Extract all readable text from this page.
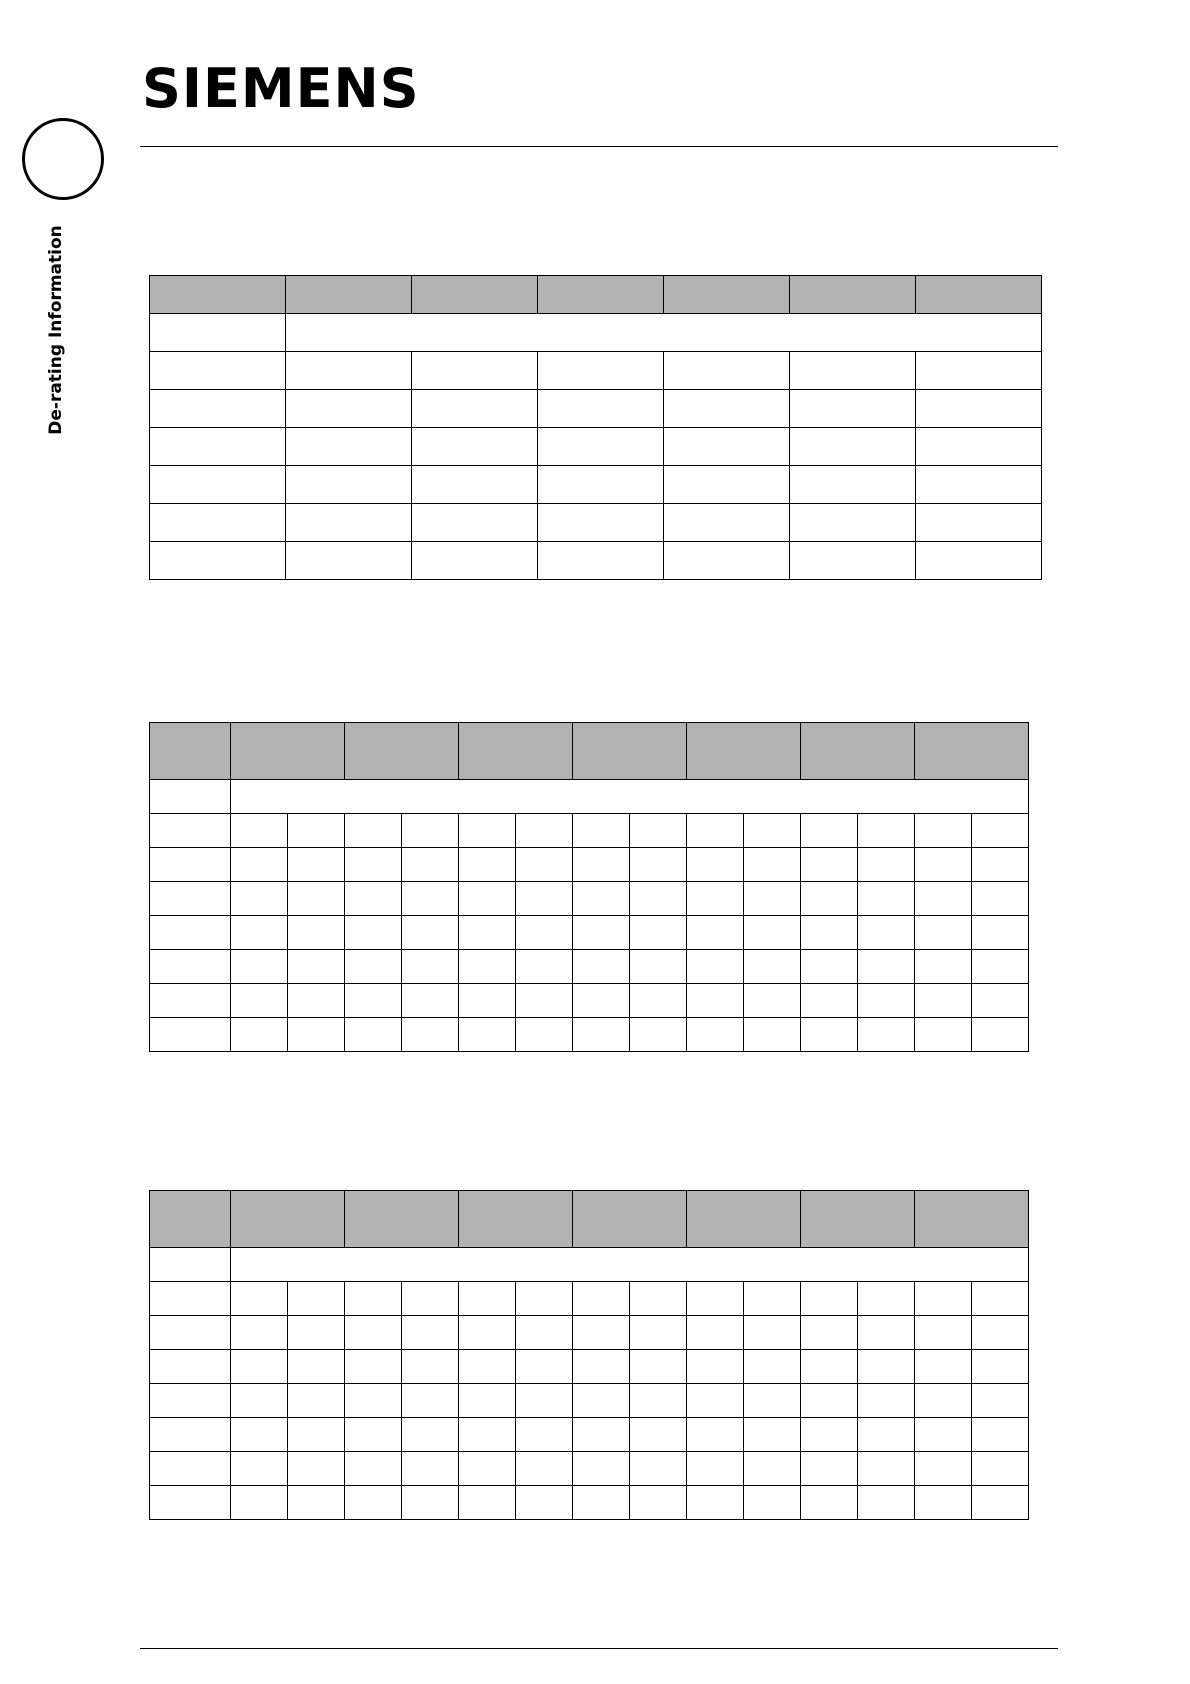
SIEMENS
De-rating Information
